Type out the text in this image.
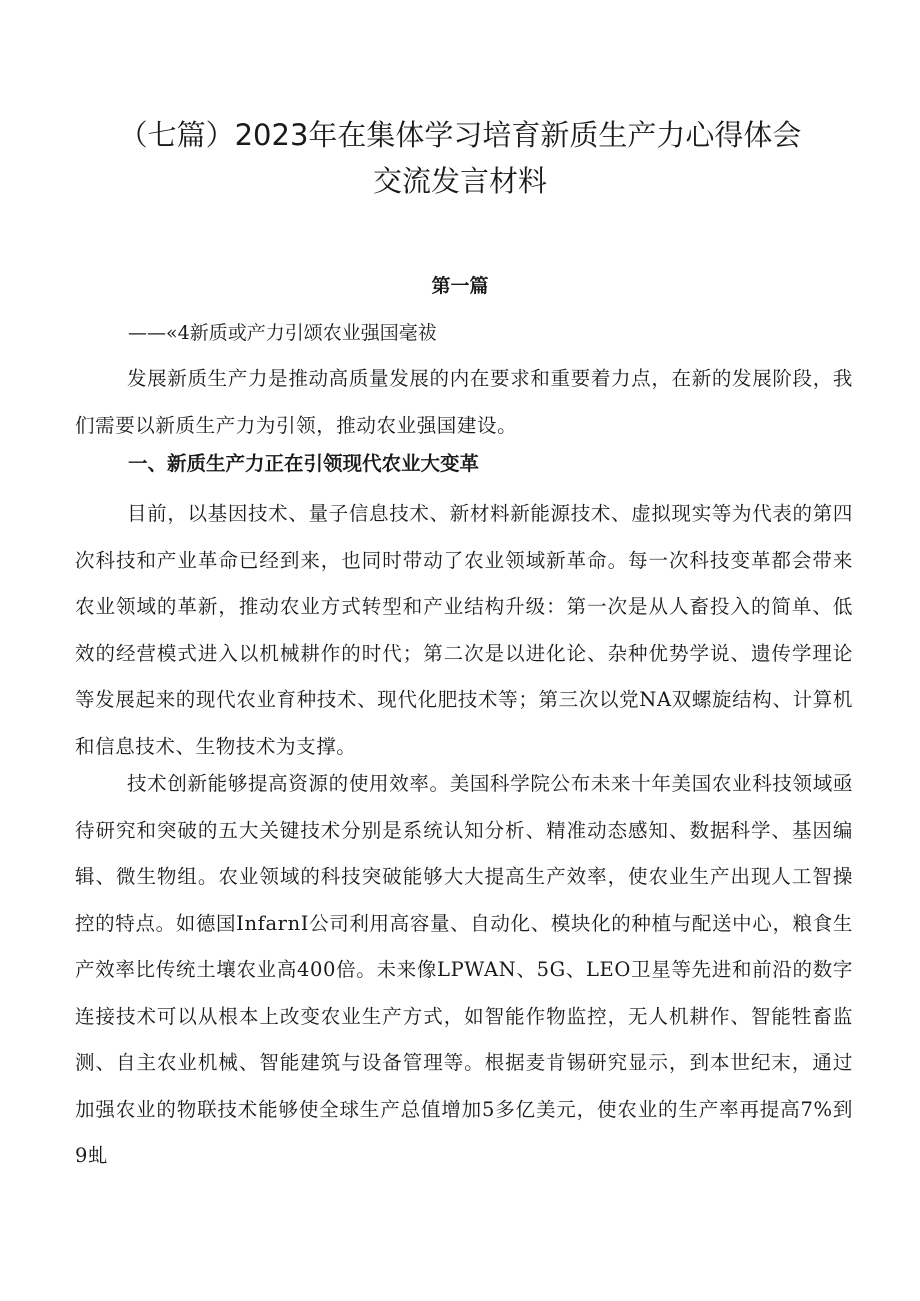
（七篇）2023年在集体学习培育新质生产力心得体会
交流发言材料
第一篇
——«4新质或产力引颂农业强国毫祓

发展新质生产力是推动高质量发展的内在要求和重要着力点，在新的发展阶段，我们需要以新质生产力为引领，推动农业强国建设。

一、新质生产力正在引领现代农业大变革

目前，以基因技术、量子信息技术、新材料新能源技术、虚拟现实等为代表的第四次科技和产业革命已经到来，也同时带动了农业领域新革命。每一次科技变革都会带来农业领域的革新，推动农业方式转型和产业结构升级：第一次是从人畜投入的简单、低效的经营模式进入以机械耕作的时代；第二次是以进化论、杂种优势学说、遗传学理论等发展起来的现代农业育种技术、现代化肥技术等；第三次以党NA双螺旋结构、计算机和信息技术、生物技术为支撑。

技术创新能够提高资源的使用效率。美国科学院公布未来十年美国农业科技领域亟待研究和突破的五大关键技术分别是系统认知分析、精准动态感知、数据科学、基因编辑、微生物组。农业领域的科技突破能够大大提高生产效率，使农业生产出现人工智操控的特点。如德国InfarnI公司利用高容量、自动化、模块化的种植与配送中心，粮食生产效率比传统土壤农业高400倍。未来像LPWAN、5G、LEO卫星等先进和前沿的数字连接技术可以从根本上改变农业生产方式，如智能作物监控，无人机耕作、智能牲畜监测、自主农业机械、智能建筑与设备管理等。根据麦肯锡研究显示，到本世纪末，通过加强农业的物联技术能够使全球生产总值增加5多亿美元，使农业的生产率再提高7%到9虬
